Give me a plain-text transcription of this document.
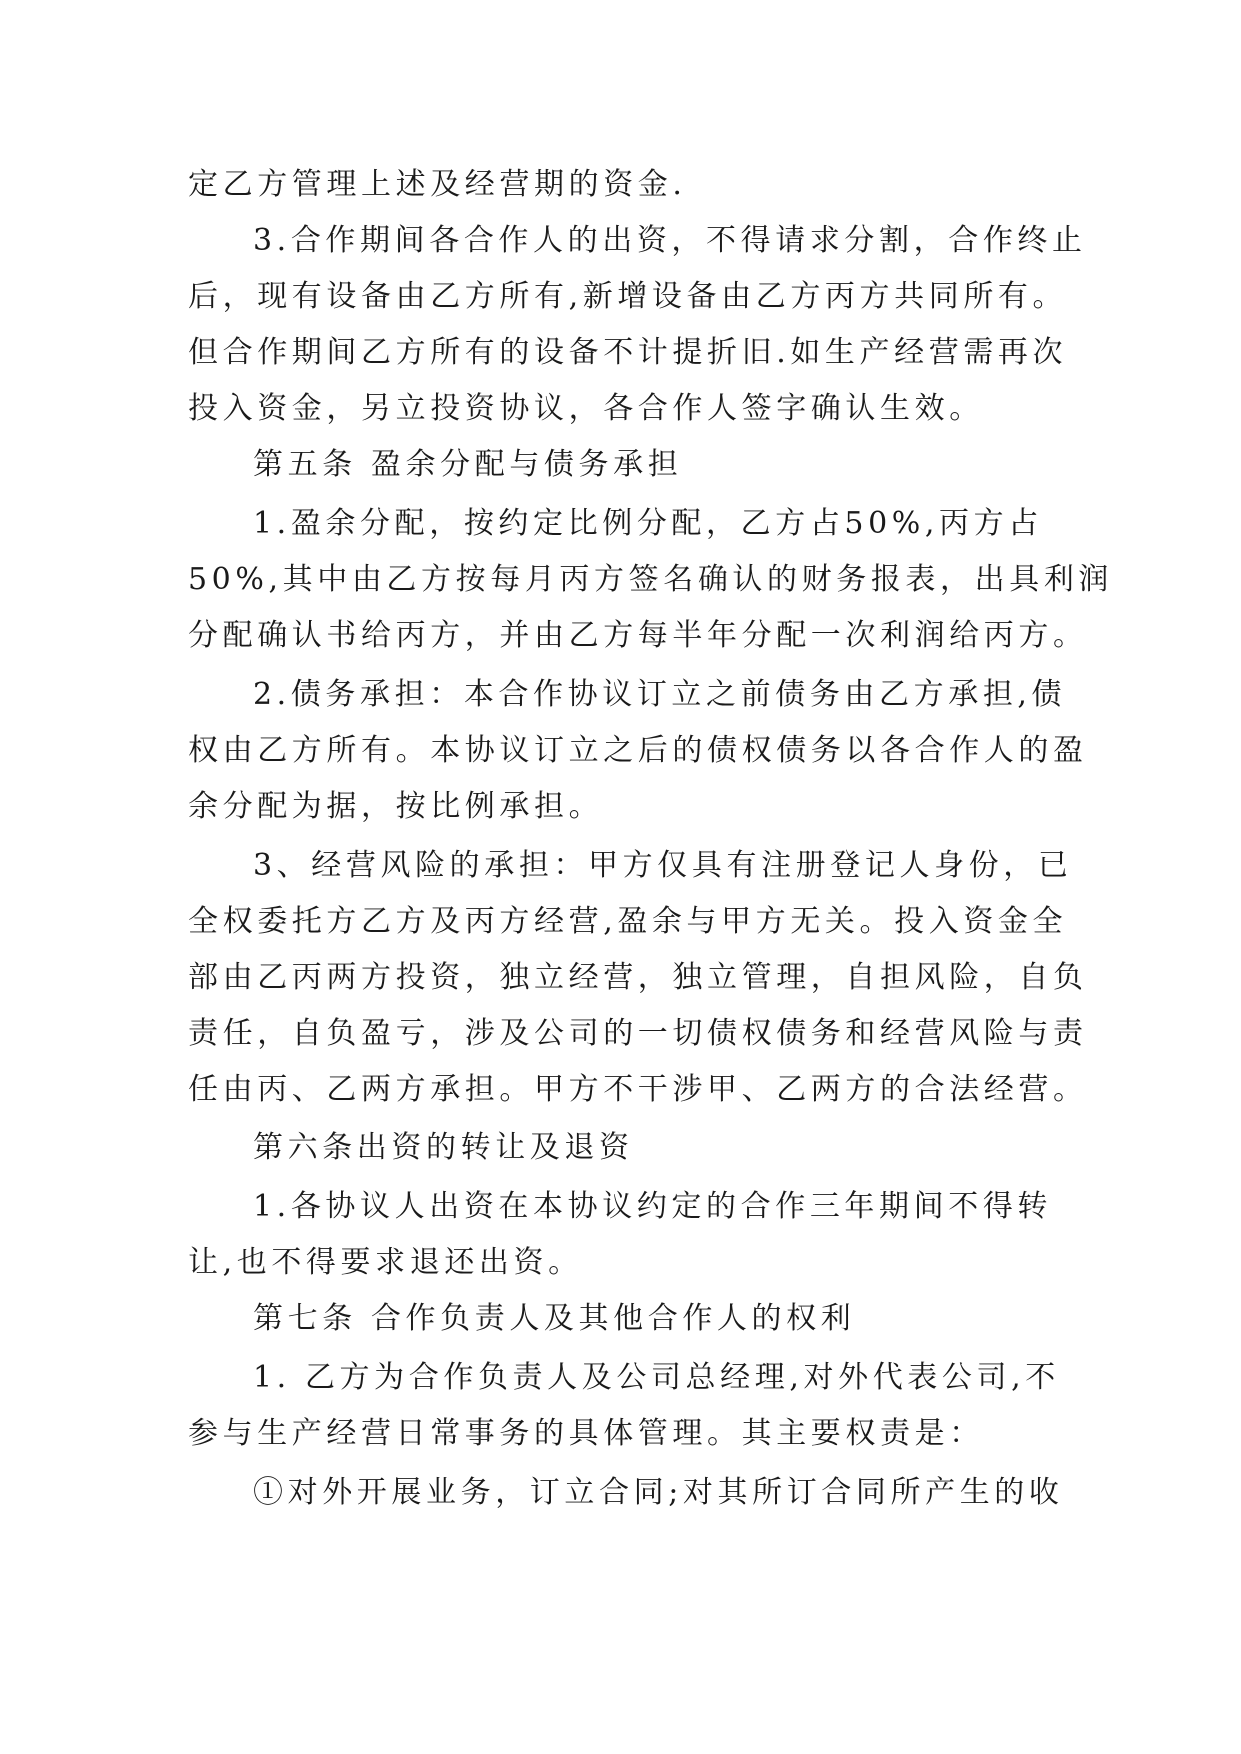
定乙方管理上述及经营期的资金.
3.合作期间各合作人的出资，不得请求分割，合作终止
后，现有设备由乙方所有,新增设备由乙方丙方共同所有。
但合作期间乙方所有的设备不计提折旧.如生产经营需再次
投入资金，另立投资协议，各合作人签字确认生效。
第五条 盈余分配与债务承担
1.盈余分配，按约定比例分配，乙方占50%,丙方占
50%,其中由乙方按每月丙方签名确认的财务报表，出具利润
分配确认书给丙方，并由乙方每半年分配一次利润给丙方。
2.债务承担：本合作协议订立之前债务由乙方承担,债
权由乙方所有。本协议订立之后的债权债务以各合作人的盈
余分配为据，按比例承担。
3、经营风险的承担：甲方仅具有注册登记人身份，已
全权委托方乙方及丙方经营,盈余与甲方无关。投入资金全
部由乙丙两方投资，独立经营，独立管理，自担风险，自负
责任，自负盈亏，涉及公司的一切债权债务和经营风险与责
任由丙、乙两方承担。甲方不干涉甲、乙两方的合法经营。
第六条出资的转让及退资
1.各协议人出资在本协议约定的合作三年期间不得转
让,也不得要求退还出资。
第七条 合作负责人及其他合作人的权利
1. 乙方为合作负责人及公司总经理,对外代表公司,不
参与生产经营日常事务的具体管理。其主要权责是：
①对外开展业务，订立合同;对其所订合同所产生的收
